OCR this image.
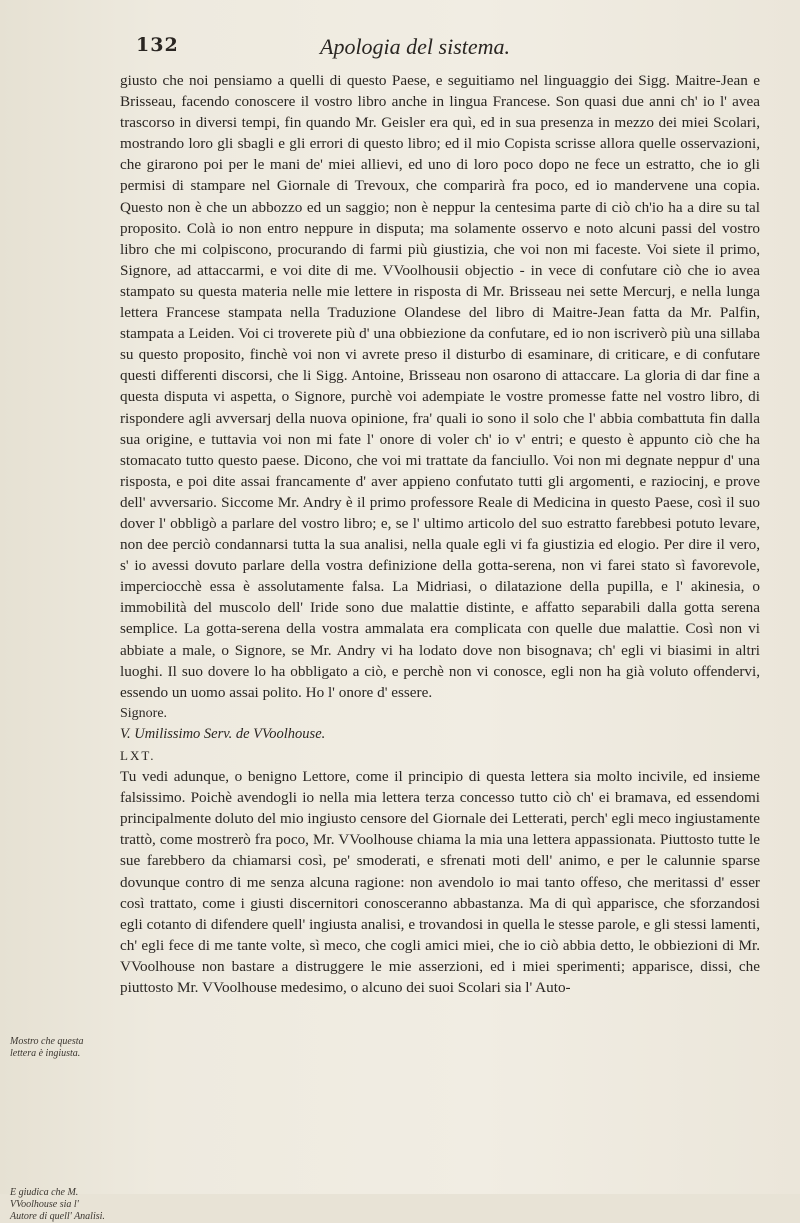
132	Apologia del sistema.

giusto che noi pensiamo a quelli di questo Paese, e seguitiamo nel linguaggio dei Sigg. Maitre-Jean e Brisseau, facendo conoscere il vostro libro anche in lingua Francese. Son quasi due anni ch' io l' avea trascorso in diversi tempi, fin quando Mr. Geisler era quì, ed in sua presenza in mezzo dei miei Scolari, mostrando loro gli sbagli e gli errori di questo libro; ed il mio Copista scrisse allora quelle osservazioni, che girarono poi per le mani de' miei allievi, ed uno di loro poco dopo ne fece un estratto, che io gli permisi di stampare nel Giornale di Trevoux, che comparirà fra poco, ed io mandervene una copia. Questo non è che un abbozzo ed un saggio; non è neppur la centesima parte di ciò ch'io ha a dire su tal proposito. Colà io non entro neppure in disputa; ma solamente osservo e noto alcuni passi del vostro libro che mi colpiscono, procurando di farmi più giustizia, che voi non mi faceste. Voi siete il primo, Signore, ad attaccarmi, e voi dite di me. VVoolhousii objectio - in vece di confutare ciò che io avea stampato su questa materia nelle mie lettere in risposta di Mr. Brisseau nei sette Mercurj, e nella lunga lettera Francese stampata nella Traduzione Olandese del libro di Maitre-Jean fatta da Mr. Palfin, stampata a Leiden. Voi ci troverete più d' una obbiezione da confutare, ed io non iscriverò più una sillaba su questo proposito, finchè voi non vi avrete preso il disturbo di esaminare, di criticare, e di confutare questi differenti discorsi, che li Sigg. Antoine, Brisseau non osarono di attaccare. La gloria di dar fine a questa disputa vi aspetta, o Signore, purchè voi adempiate le vostre promesse fatte nel vostro libro, di rispondere agli avversarj della nuova opinione, fra' quali io sono il solo che l' abbia combattuta fin dalla sua origine, e tuttavia voi non mi fate l' onore di voler ch' io v' entri; e questo è appunto ciò che ha stomacato tutto questo paese. Dicono, che voi mi trattate da fanciullo. Voi non mi degnate neppur d' una risposta, e poi dite assai francamente d' aver appieno confutato tutti gli argomenti, e raziocinj, e prove dell' avversario. Siccome Mr. Andry è il primo professore Reale di Medicina in questo Paese, così il suo dover l' obbligò a parlare del vostro libro; e, se l' ultimo articolo del suo estratto farebbesi potuto levare, non dee perciò condannarsi tutta la sua analisi, nella quale egli vi fa giustizia ed elogio. Per dire il vero, s' io avessi dovuto parlare della vostra definizione della gotta-serena, non vi farei stato sì favorevole, imperciocchè essa è assolutamente falsa. La Midriasi, o dilatazione della pupilla, e l' akinesia, o immobilità del muscolo dell' Iride sono due malattie distinte, e affatto separabili dalla gotta serena semplice. La gotta-serena della vostra ammalata era complicata con quelle due malattie. Così non vi abbiate a male, o Signore, se Mr. Andry vi ha lodato dove non bisognava; ch' egli vi biasimi in altri luoghi. Il suo dovere lo ha obbligato a ciò, e perchè non vi conosce, egli non ha già voluto offendervi, essendo un uomo assai polito. Ho l' onore d' essere.

Signore.

V. Umilissimo Serv. de VVoolhouse.

LXT.

Tu vedi adunque, o benigno Lettore, come il principio di questa lettera sia molto incivile, ed insieme falsissimo. Poichè avendogli io nella mia lettera terza concesso tutto ciò ch' ei bramava, ed essendomi principalmente doluto del mio ingiusto censore del Giornale dei Letterati, perch' egli meco ingiustamente trattò, come mostrerò fra poco, Mr. VVoolhouse chiama la mia una lettera appassionata. Piuttosto tutte le sue farebbero da chiamarsi così, pe' smoderati, e sfrenati moti dell' animo, e per le calunnie sparse dovunque contro di me senza alcuna ragione: non avendolo io mai tanto offeso, che meritassi d' esser così trattato, come i giusti discernitori conosceranno abbastanza. Ma di quì apparisce, che sforzandosi egli cotanto di difendere quell' ingiusta analisi, e trovandosi in quella le stesse parole, e gli stessi lamenti, ch' egli fece di me tante volte, sì meco, che cogli amici miei, che io ciò abbia detto, le obbiezioni di Mr. VVoolhouse non bastare a distruggere le mie asserzioni, ed i miei sperimenti; apparisce, dissi, che piuttosto Mr. VVoolhouse medesimo, o alcuno dei suoi Scolari sia l' Auto-

Mostro che questa lettera è ingiusta.
E giudica che M. VVoolhouse sia l' Autore di quell' Analisi.
